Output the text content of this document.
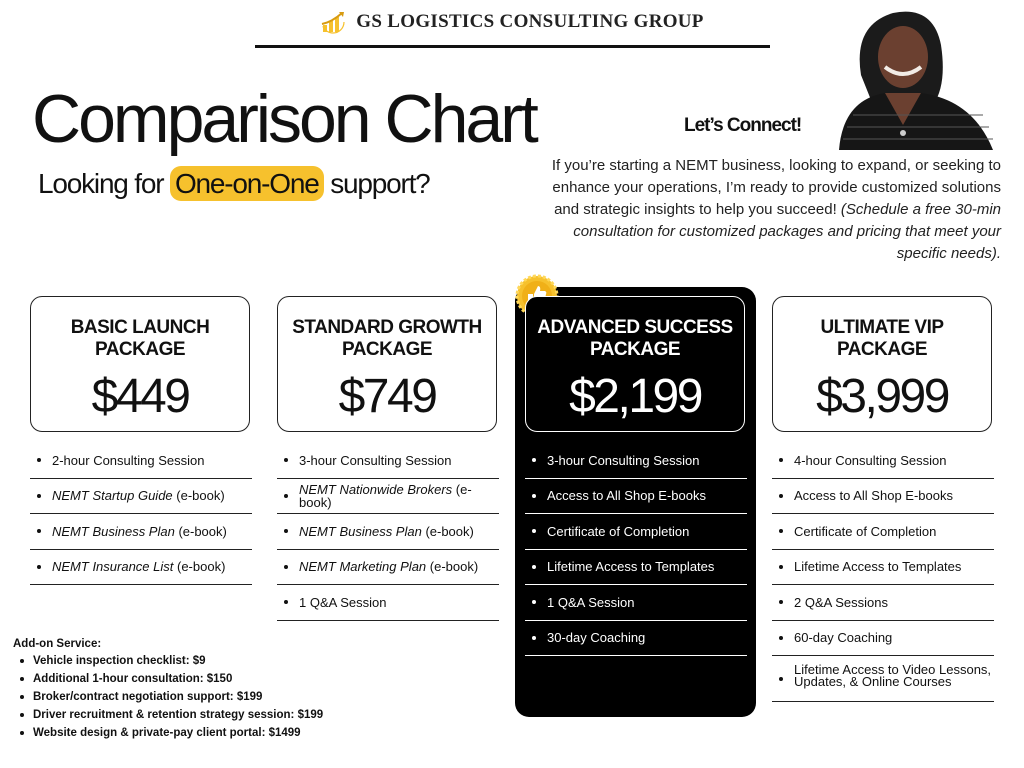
GS LOGISTICS CONSULTING GROUP
Comparison Chart
Looking for One-on-One support?
Let’s Connect!
If you’re starting a NEMT business, looking to expand, or seeking to enhance your operations, I’m ready to provide customized solutions and strategic insights to help you succeed! (Schedule a free 30-min consultation for customized packages and pricing that meet your specific needs).
BASIC LAUNCH PACKAGE
$449
STANDARD GROWTH PACKAGE
$749
ADVANCED SUCCESS PACKAGE
$2,199
ULTIMATE VIP PACKAGE
$3,999
2-hour Consulting Session
NEMT Startup Guide (e-book)
NEMT Business Plan (e-book)
NEMT Insurance List (e-book)
3-hour Consulting Session
NEMT Nationwide Brokers (e-book)
NEMT Business Plan (e-book)
NEMT Marketing Plan (e-book)
1 Q&A Session
3-hour Consulting Session
Access to All Shop E-books
Certificate of Completion
Lifetime Access to Templates
1 Q&A Session
30-day Coaching
4-hour Consulting Session
Access to All Shop E-books
Certificate of Completion
Lifetime Access to Templates
2 Q&A Sessions
60-day Coaching
Lifetime Access to Video Lessons, Updates, & Online Courses
Add-on Service:
Vehicle inspection checklist: $9
Additional 1-hour consultation: $150
Broker/contract negotiation support: $199
Driver recruitment & retention strategy session: $199
Website design & private-pay client portal: $1499
